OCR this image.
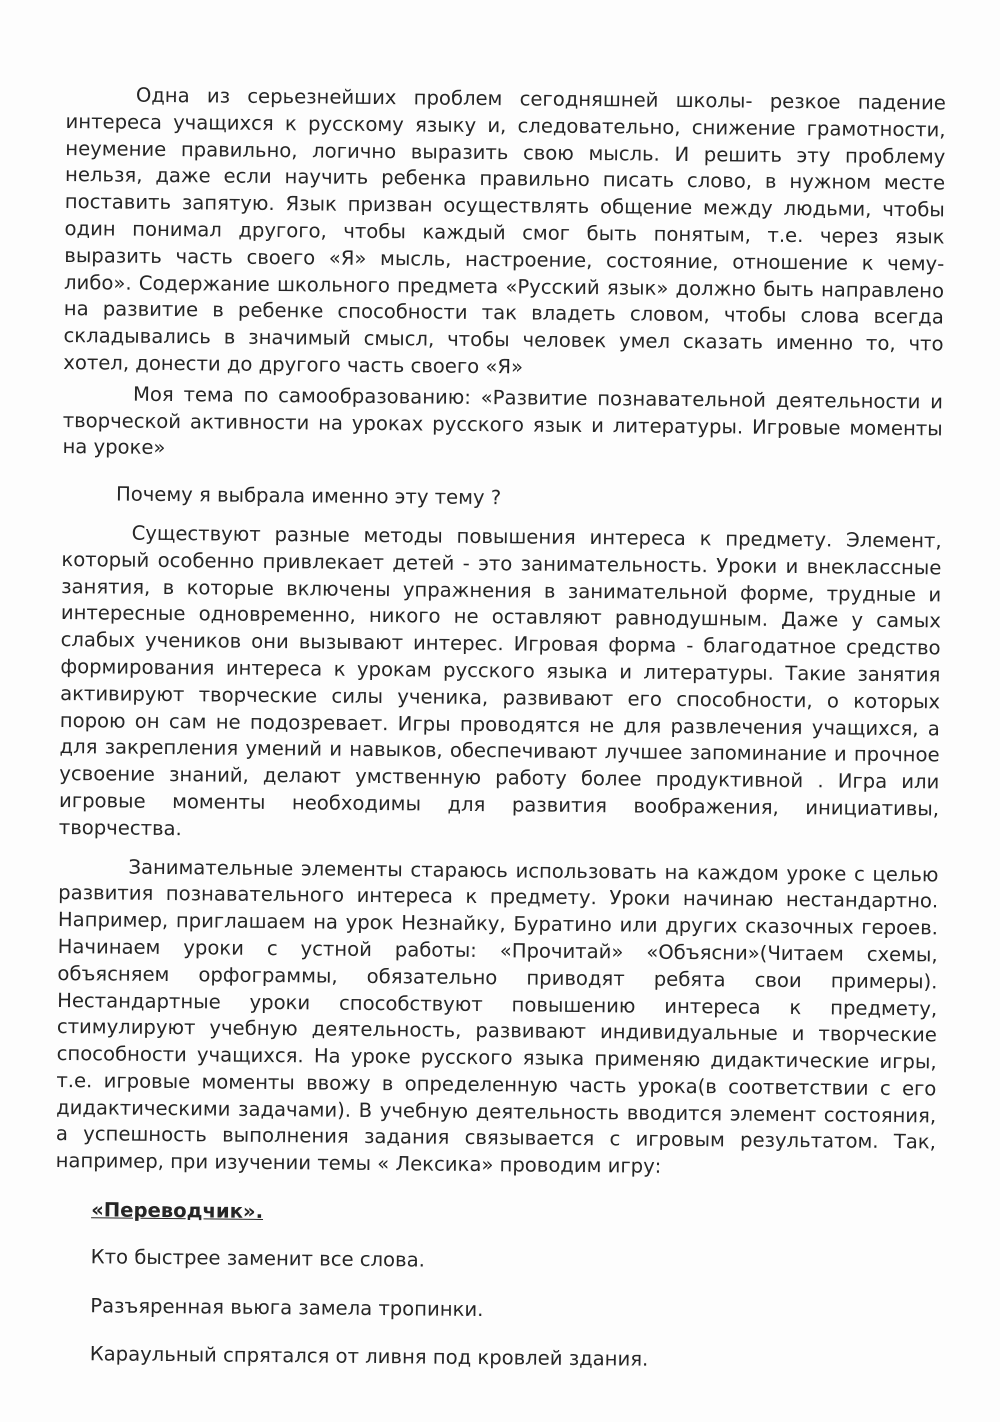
Одна из серьезнейших проблем сегодняшней школы- резкое падение интереса учащихся к русскому языку и, следовательно, снижение грамотности, неумение правильно, логично выразить свою мысль. И решить эту проблему нельзя, даже если научить ребенка правильно писать слово, в нужном месте поставить запятую. Язык призван осуществлять общение между людьми, чтобы один понимал другого, чтобы каждый смог быть понятым, т.е. через язык выразить часть своего «Я» мысль, настроение, состояние, отношение к чему-либо». Содержание школьного предмета «Русский язык» должно быть направлено на развитие в ребенке способности так владеть словом, чтобы слова всегда складывались в значимый смысл, чтобы человек умел сказать именно то, что хотел, донести до другого часть своего «Я»

Моя тема по самообразованию: «Развитие познавательной деятельности и творческой активности на уроках русского язык и литературы. Игровые моменты на уроке»

Почему я выбрала именно эту тему ?

Существуют разные методы повышения интереса к предмету. Элемент, который особенно привлекает детей - это занимательность. Уроки и внеклассные занятия, в которые включены упражнения в занимательной форме, трудные и интересные одновременно, никого не оставляют равнодушным. Даже у самых слабых учеников они вызывают интерес. Игровая форма - благодатное средство формирования интереса к урокам русского языка и литературы. Такие занятия активируют творческие силы ученика, развивают его способности, о которых порою он сам не подозревает. Игры проводятся не для развлечения учащихся, а для закрепления умений и навыков, обеспечивают лучшее запоминание и прочное усвоение знаний, делают умственную работу более продуктивной . Игра или игровые моменты необходимы для развития воображения, инициативы, творчества.

Занимательные элементы стараюсь использовать на каждом уроке с целью развития познавательного интереса к предмету. Уроки начинаю нестандартно. Например, приглашаем на урок Незнайку, Буратино или других сказочных героев. Начинаем уроки с устной работы: «Прочитай» «Объясни»(Читаем схемы, объясняем орфограммы, обязательно приводят ребята свои примеры). Нестандартные уроки способствуют повышению интереса к предмету, стимулируют учебную деятельность, развивают индивидуальные и творческие способности учащихся. На уроке русского языка применяю дидактические игры, т.е. игровые моменты ввожу в определенную часть урока(в соответствии с его дидактическими задачами). В учебную деятельность вводится элемент состояния, а успешность выполнения задания связывается с игровым результатом. Так, например, при изучении темы « Лексика» проводим игру:

«Переводчик».

Кто быстрее заменит все слова.

Разъяренная вьюга замела тропинки.

Караульный спрятался от ливня под кровлей здания.
